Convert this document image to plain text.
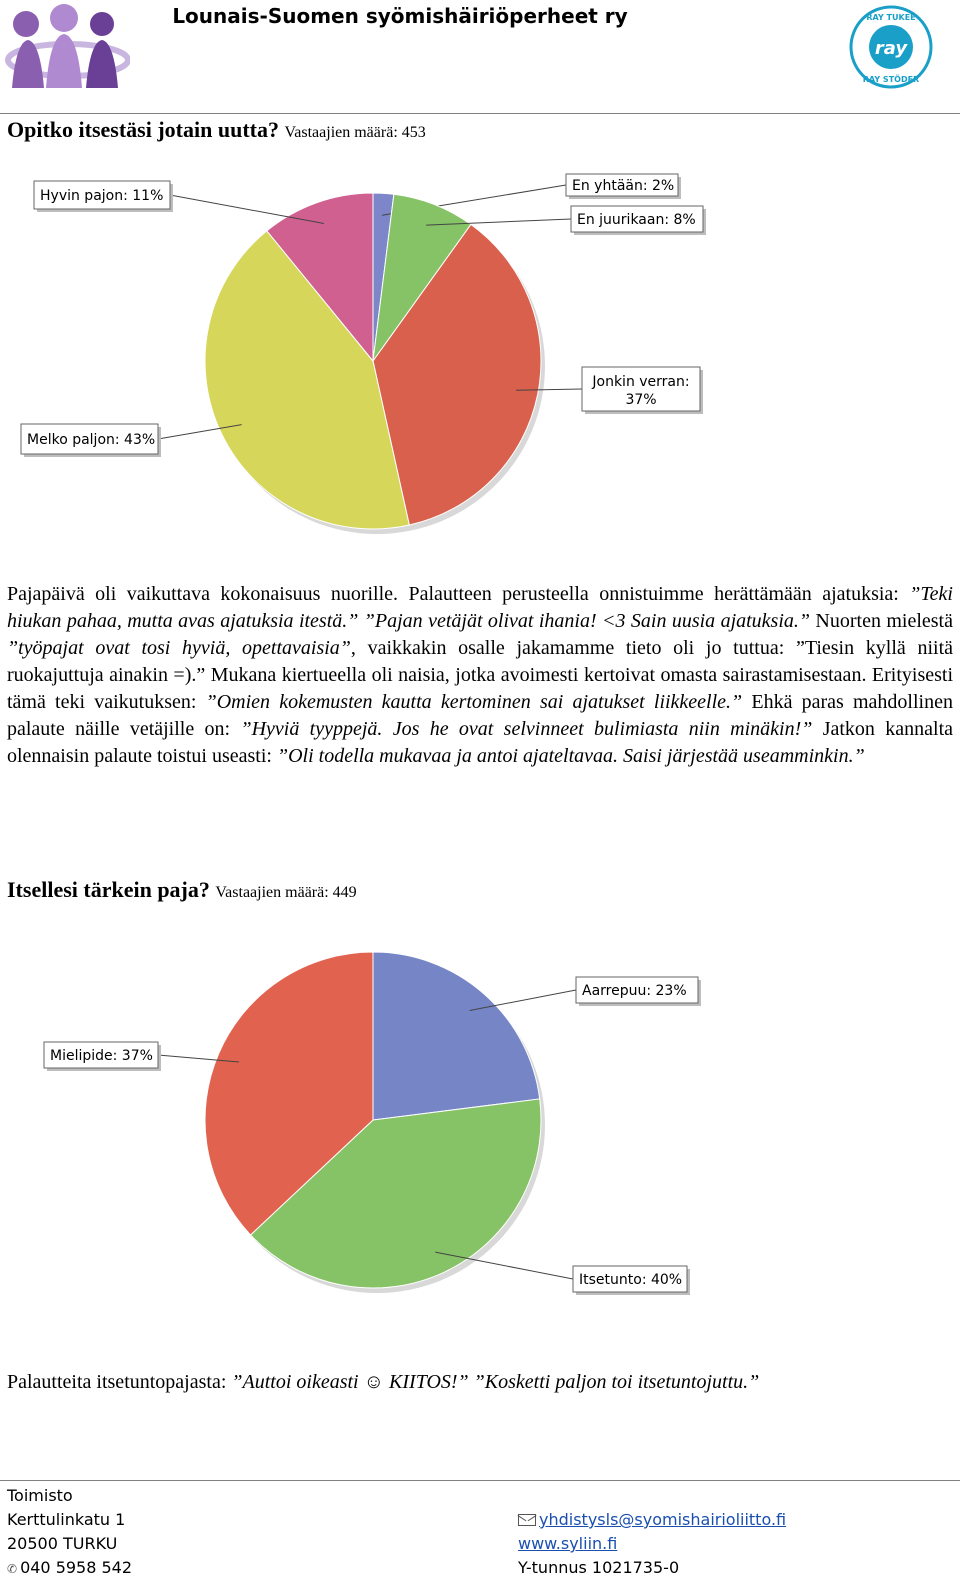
Lounais-Suomen syömishäiriöperheet ry
ray
RAY TUKEE
RAY STÖDER
Opitko itsestäsi jotain uutta? Vastaajien määrä: 453
En yhtään: 2%
En juurikaan: 8%
Jonkin verran:
37%
Melko paljon: 43%
Hyvin pajon: 11%
Pajapäivä oli vaikuttava kokonaisuus nuorille. Palautteen perusteella onnistuimme herättämään ajatuksia: ”Teki hiukan pahaa, mutta avas ajatuksia itestä.” ”Pajan vetäjät olivat ihania! <3 Sain uusia ajatuksia.” Nuorten mielestä ”työpajat ovat tosi hyviä, opettavaisia”, vaikkakin osalle jakamamme tieto oli jo tuttua: ”Tiesin kyllä niitä ruokajuttuja ainakin =).” Mukana kiertueella oli naisia, jotka avoimesti kertoivat omasta sairastamisestaan. Erityisesti tämä teki vaikutuksen: ”Omien kokemusten kautta kertominen sai ajatukset liikkeelle.” Ehkä paras mahdollinen palaute näille vetäjille on: ”Hyviä tyyppejä. Jos he ovat selvinneet bulimiasta niin minäkin!” Jatkon kannalta olennaisin palaute toistui useasti: ”Oli todella mukavaa ja antoi ajateltavaa. Saisi järjestää useamminkin.”
Itsellesi tärkein paja? Vastaajien määrä: 449
Aarrepuu: 23%
Itsetunto: 40%
Mielipide: 37%
Palautteita itsetuntopajasta: ”Auttoi oikeasti ☺ KIITOS!” ”Kosketti paljon toi itsetuntojuttu.”
Toimisto
Kerttulinkatu 1
20500 TURKU
✆ 040 5958 542
yhdistysls@syomishairioliitto.fi
www.syliin.fi
Y-tunnus 1021735-0
